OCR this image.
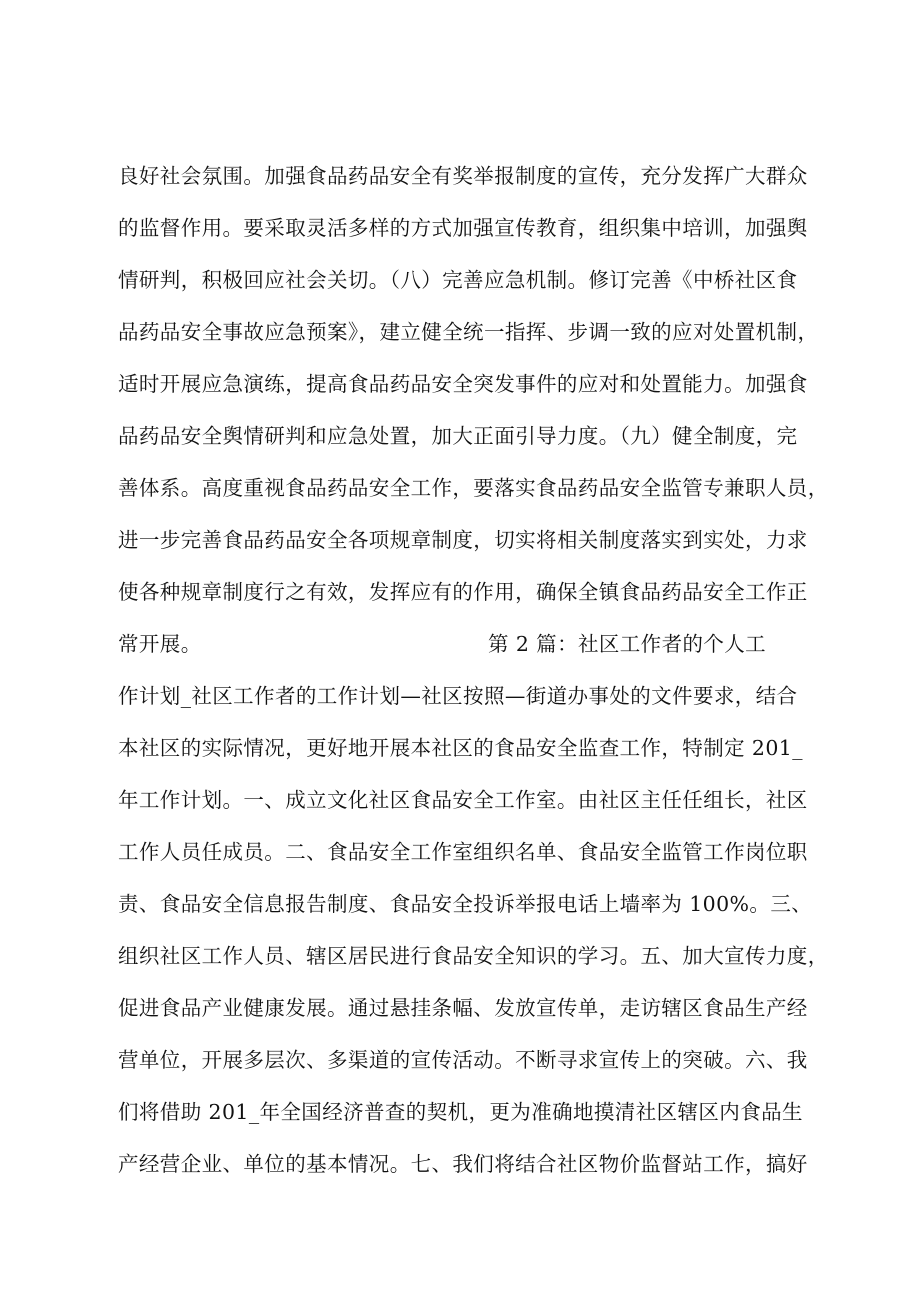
良好社会氛围。加强食品药品安全有奖举报制度的宣传，充分发挥广大群众
的监督作用。要采取灵活多样的方式加强宣传教育，组织集中培训，加强舆
情研判，积极回应社会关切。（八）完善应急机制。修订完善《中桥社区食
品药品安全事故应急预案》，建立健全统一指挥、步调一致的应对处置机制，
适时开展应急演练，提高食品药品安全突发事件的应对和处置能力。加强食
品药品安全舆情研判和应急处置，加大正面引导力度。（九）健全制度，完
善体系。高度重视食品药品安全工作，要落实食品药品安全监管专兼职人员，
进一步完善食品药品安全各项规章制度，切实将相关制度落实到实处，力求
使各种规章制度行之有效，发挥应有的作用，确保全镇食品药品安全工作正
常开展。	第 2 篇：社区工作者的个人工
作计划_社区工作者的工作计划—社区按照—街道办事处的文件要求，结合
本社区的实际情况，更好地开展本社区的食品安全监查工作，特制定 201_
年工作计划。一、成立文化社区食品安全工作室。由社区主任任组长，社区
工作人员任成员。二、食品安全工作室组织名单、食品安全监管工作岗位职
责、食品安全信息报告制度、食品安全投诉举报电话上墙率为 100%。三、
组织社区工作人员、辖区居民进行食品安全知识的学习。五、加大宣传力度，
促进食品产业健康发展。通过悬挂条幅、发放宣传单，走访辖区食品生产经
营单位，开展多层次、多渠道的宣传活动。不断寻求宣传上的突破。六、我
们将借助 201_年全国经济普查的契机，更为准确地摸清社区辖区内食品生
产经营企业、单位的基本情况。七、我们将结合社区物价监督站工作，搞好
